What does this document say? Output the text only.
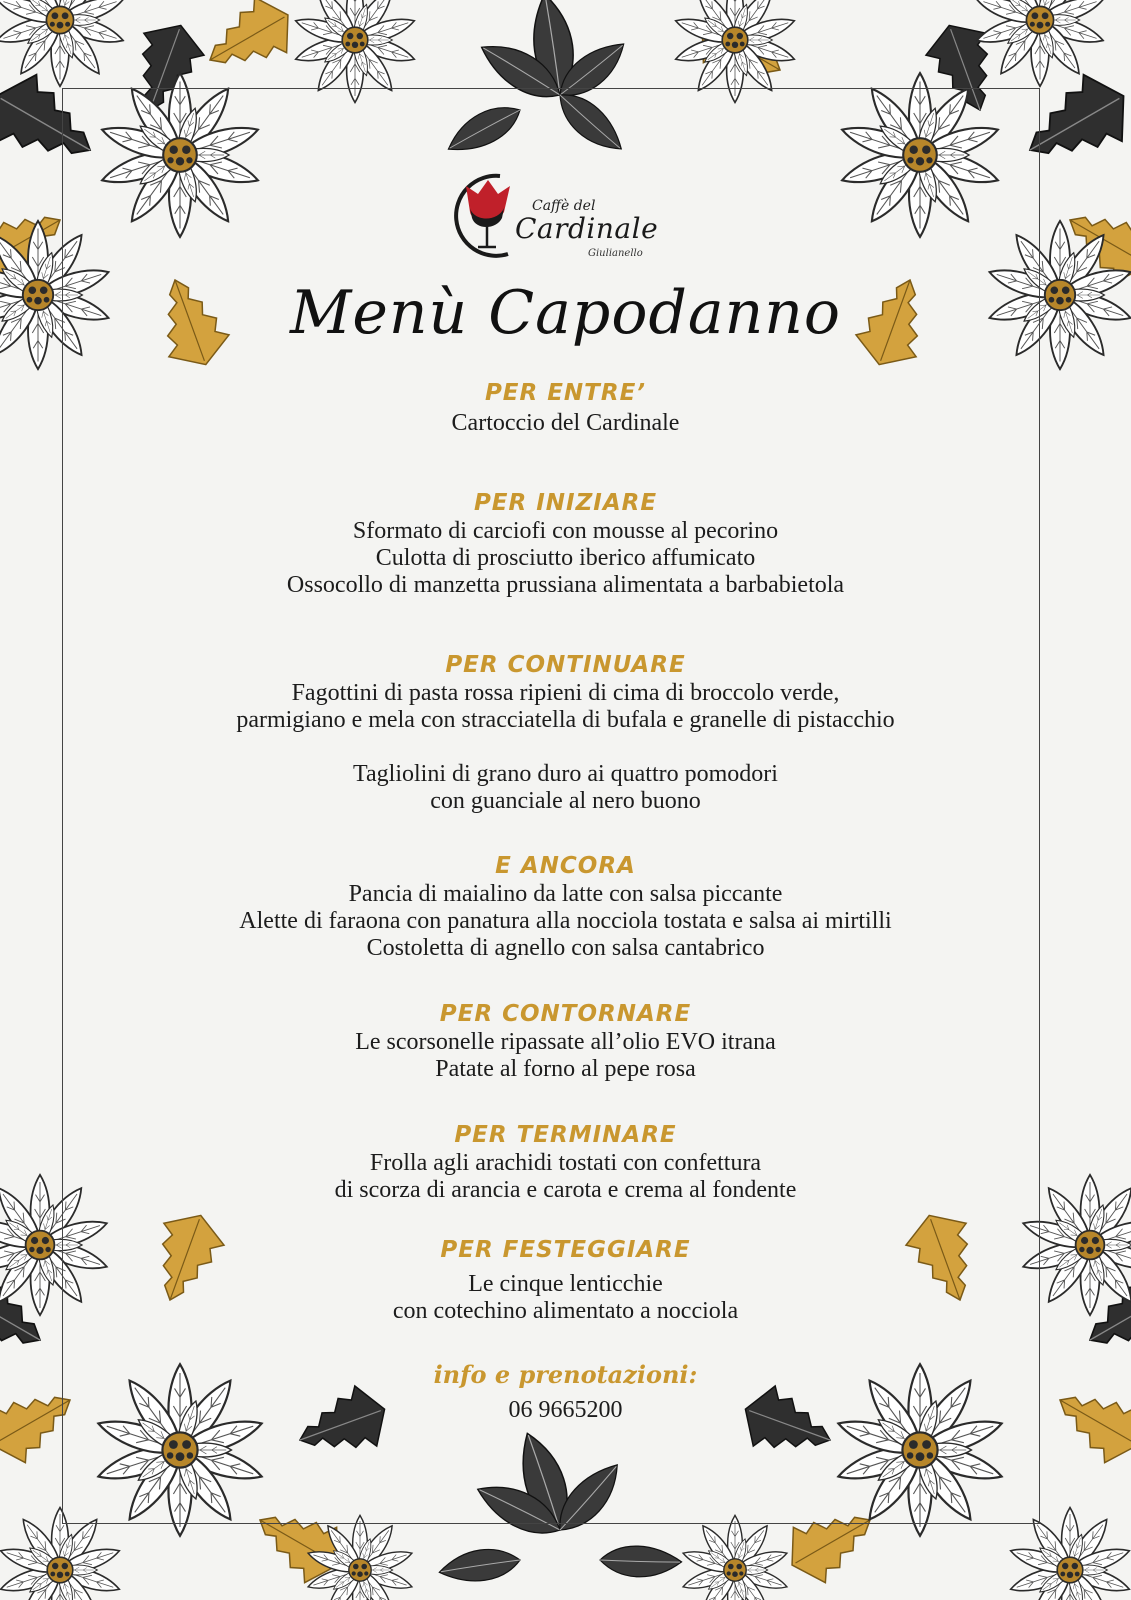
Caffè del
Cardinale
Giulianello
Menù Capodanno
PER ENTRE’
Cartoccio del Cardinale
PER INIZIARE
Sformato di carciofi con mousse al pecorino
Culotta di prosciutto iberico affumicato
Ossocollo di manzetta prussiana alimentata a barbabietola
PER CONTINUARE
Fagottini di pasta rossa ripieni di cima di broccolo verde,
parmigiano e mela con stracciatella di bufala e granelle di pistacchio
Tagliolini di grano duro ai quattro pomodori
con guanciale al nero buono
E ANCORA
Pancia di maialino da latte con salsa piccante
Alette di faraona con panatura alla nocciola tostata e salsa ai mirtilli
Costoletta di agnello con salsa cantabrico
PER CONTORNARE
Le scorsonelle ripassate all’olio EVO itrana
Patate al forno al pepe rosa
PER TERMINARE
Frolla agli arachidi tostati con confettura
di scorza di arancia e carota e crema al fondente
PER FESTEGGIARE
Le cinque lenticchie
con cotechino alimentato a nocciola
info e prenotazioni:
06 9665200
